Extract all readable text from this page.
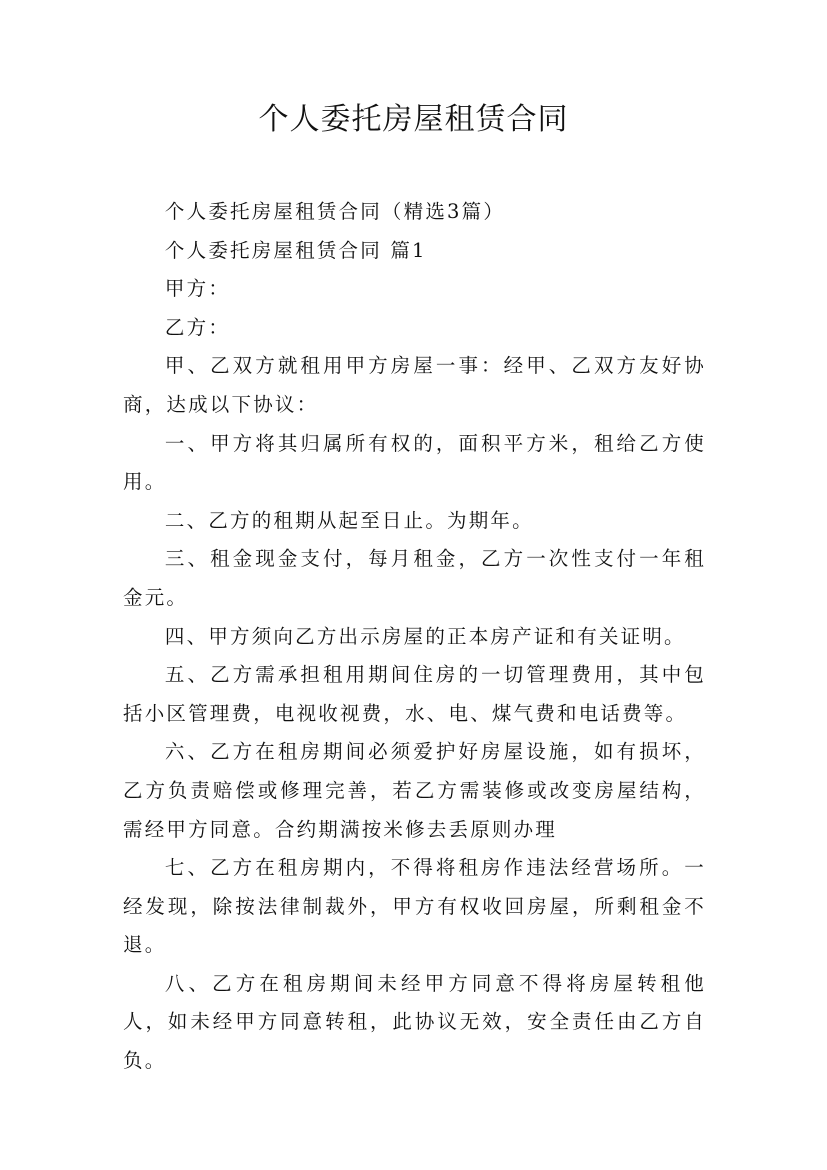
个人委托房屋租赁合同

个人委托房屋租赁合同（精选3篇）

个人委托房屋租赁合同 篇1

甲方：

乙方：

甲、乙双方就租用甲方房屋一事：经甲、乙双方友好协商，达成以下协议：

一、甲方将其归属所有权的，面积平方米，租给乙方使用。

二、乙方的租期从起至日止。为期年。

三、租金现金支付，每月租金，乙方一次性支付一年租金元。

四、甲方须向乙方出示房屋的正本房产证和有关证明。

五、乙方需承担租用期间住房的一切管理费用，其中包括小区管理费，电视收视费，水、电、煤气费和电话费等。

六、乙方在租房期间必须爱护好房屋设施，如有损坏，乙方负责赔偿或修理完善，若乙方需装修或改变房屋结构，需经甲方同意。合约期满按米修去丢原则办理

七、乙方在租房期内，不得将租房作违法经营场所。一经发现，除按法律制裁外，甲方有权收回房屋，所剩租金不退。

八、乙方在租房期间未经甲方同意不得将房屋转租他人，如未经甲方同意转租，此协议无效，安全责任由乙方自负。
